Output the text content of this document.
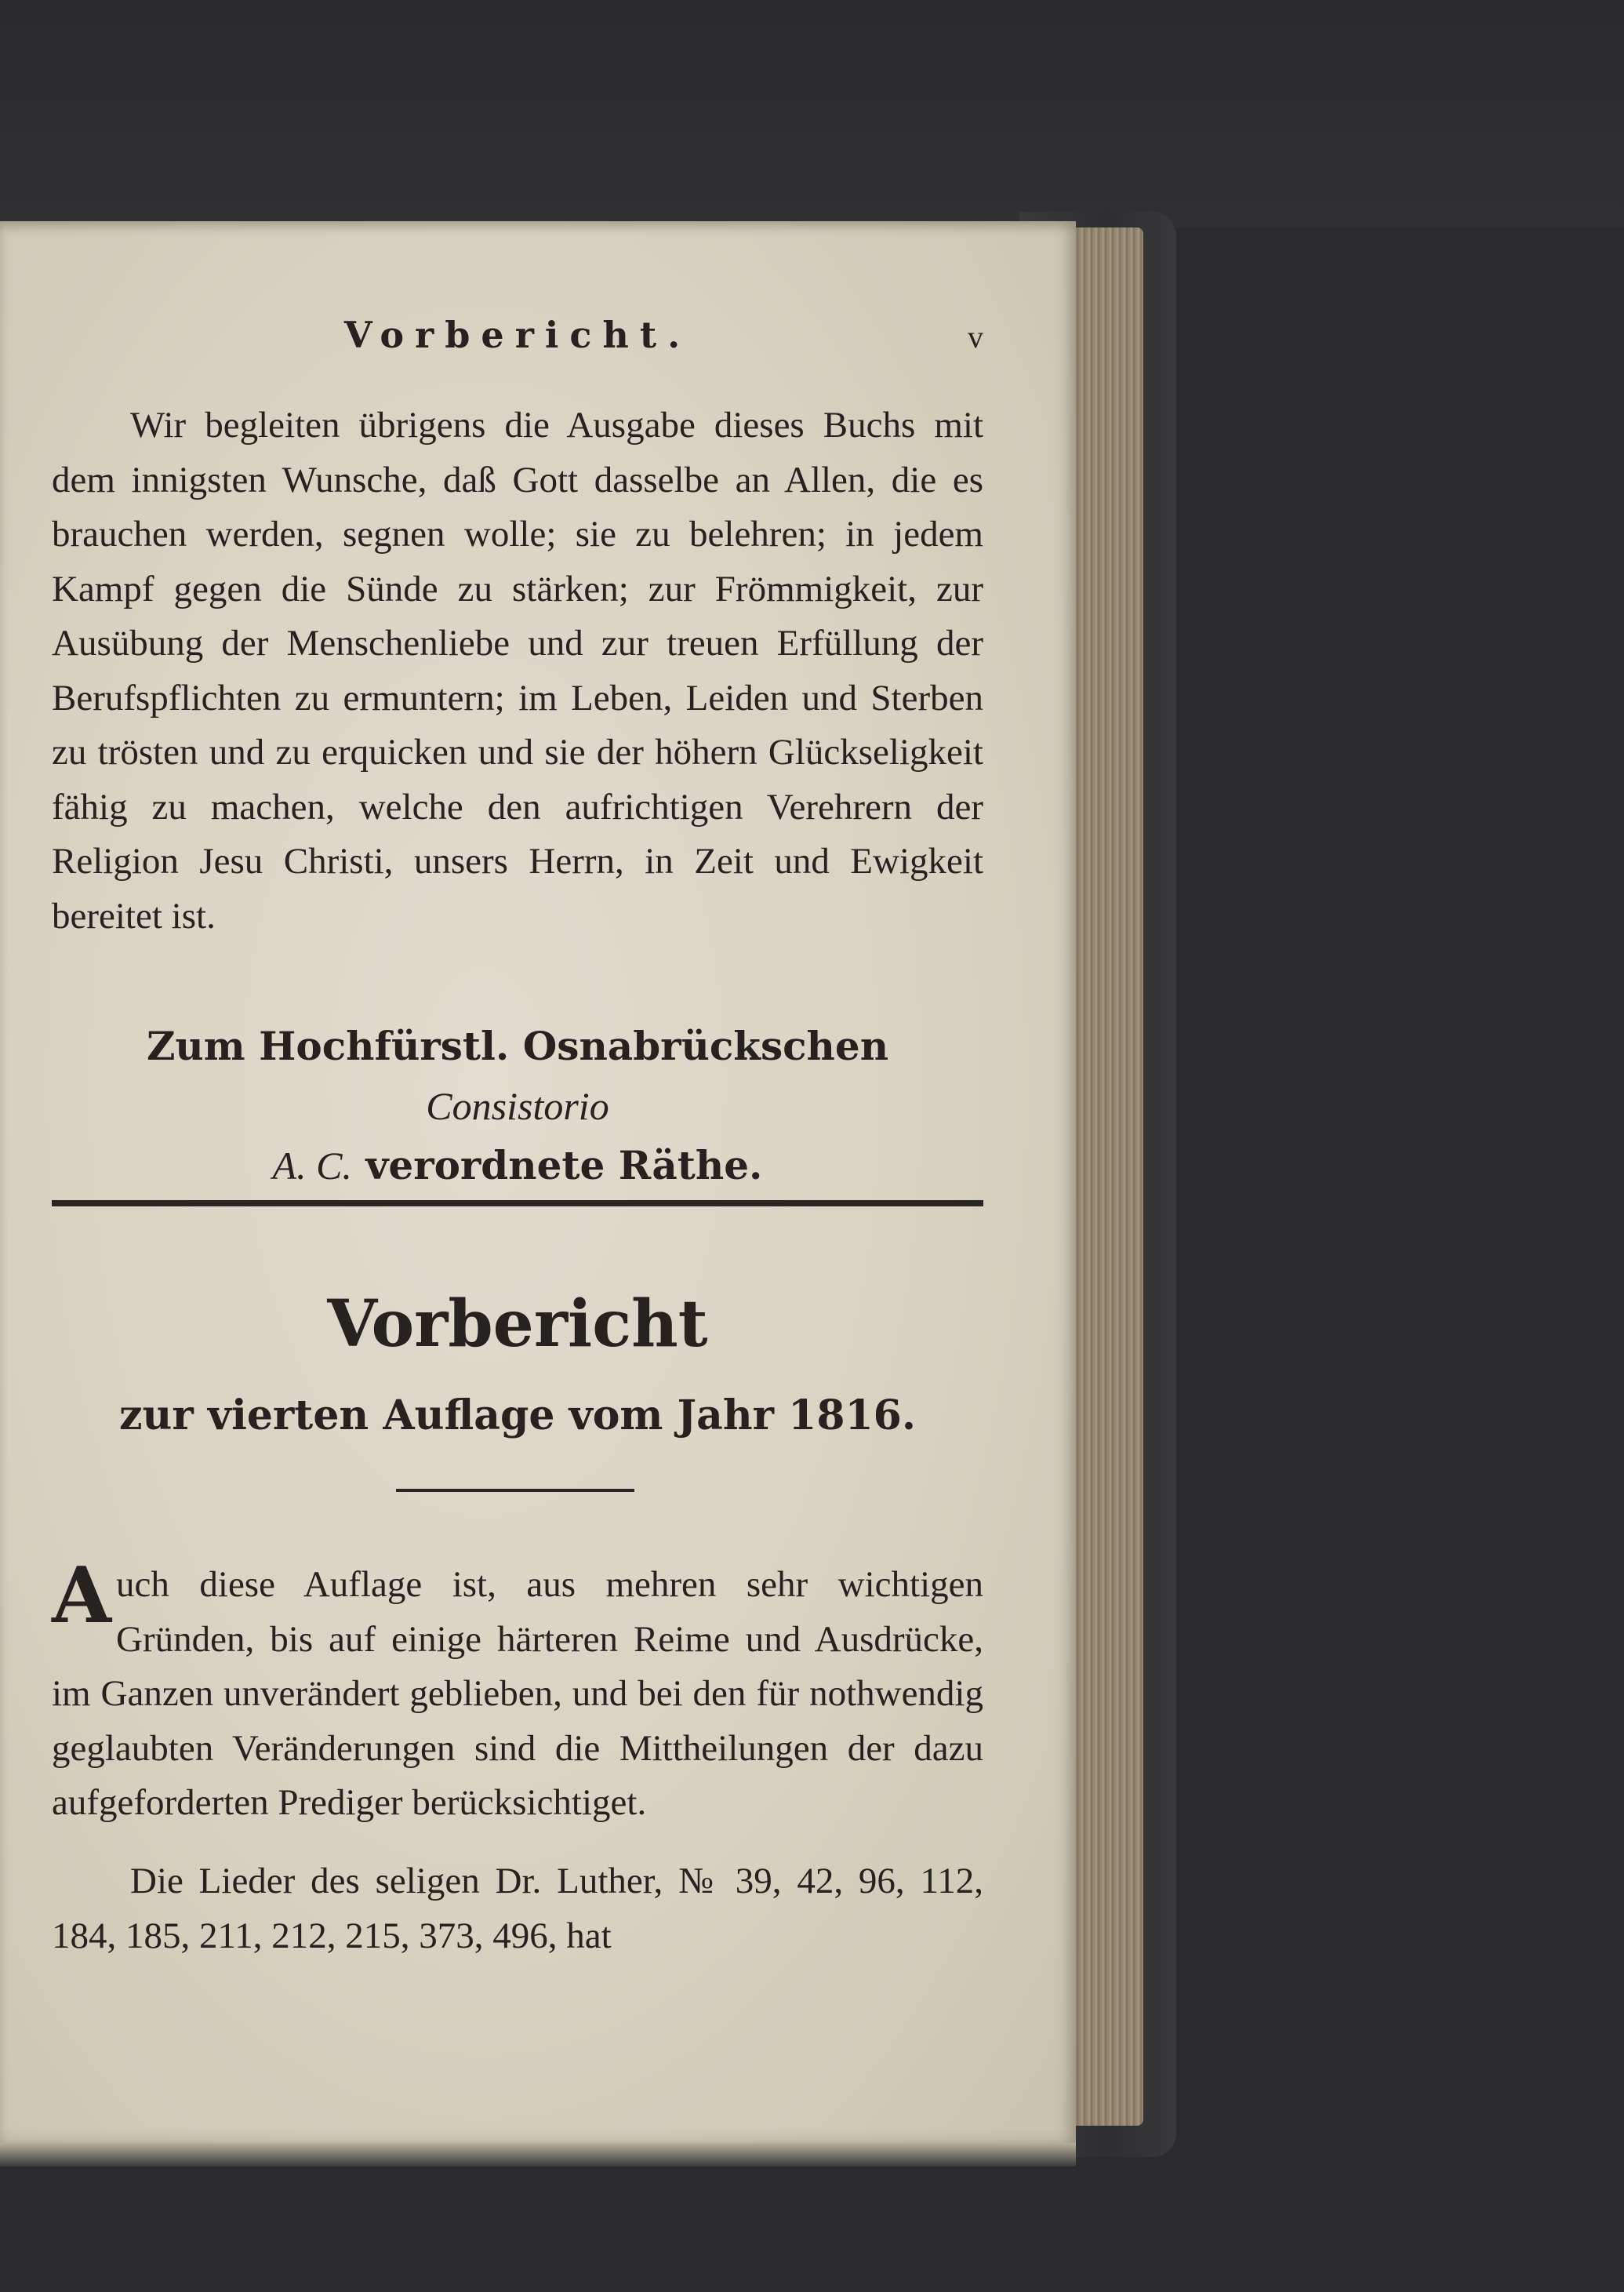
Vorbericht.	v

Wir begleiten übrigens die Ausgabe dieses Buchs mit dem innigsten Wunsche, daß Gott dasselbe an Allen, die es brauchen werden, segnen wolle; sie zu belehren; in jedem Kampf gegen die Sünde zu stärken; zur Frömmigkeit, zur Ausübung der Menschenliebe und zur treuen Erfüllung der Berufspflichten zu ermuntern; im Leben, Leiden und Sterben zu trösten und zu erquicken und sie der höhern Glückseligkeit fähig zu machen, welche den aufrichtigen Verehrern der Religion Jesu Christi, unsers Herrn, in Zeit und Ewigkeit bereitet ist.

Zum Hochfürstl. Osnabrückschen Consistorio
A. C. verordnete Räthe.
Vorbericht
zur vierten Auflage vom Jahr 1816.

Auch diese Auflage ist, aus mehren sehr wichtigen Gründen, bis auf einige härteren Reime und Ausdrücke, im Ganzen unverändert geblieben, und bei den für nothwendig geglaubten Veränderungen sind die Mittheilungen der dazu aufgeforderten Prediger berücksichtiget.

Die Lieder des seligen Dr. Luther, № 39, 42, 96, 112, 184, 185, 211, 212, 215, 373, 496, hat
